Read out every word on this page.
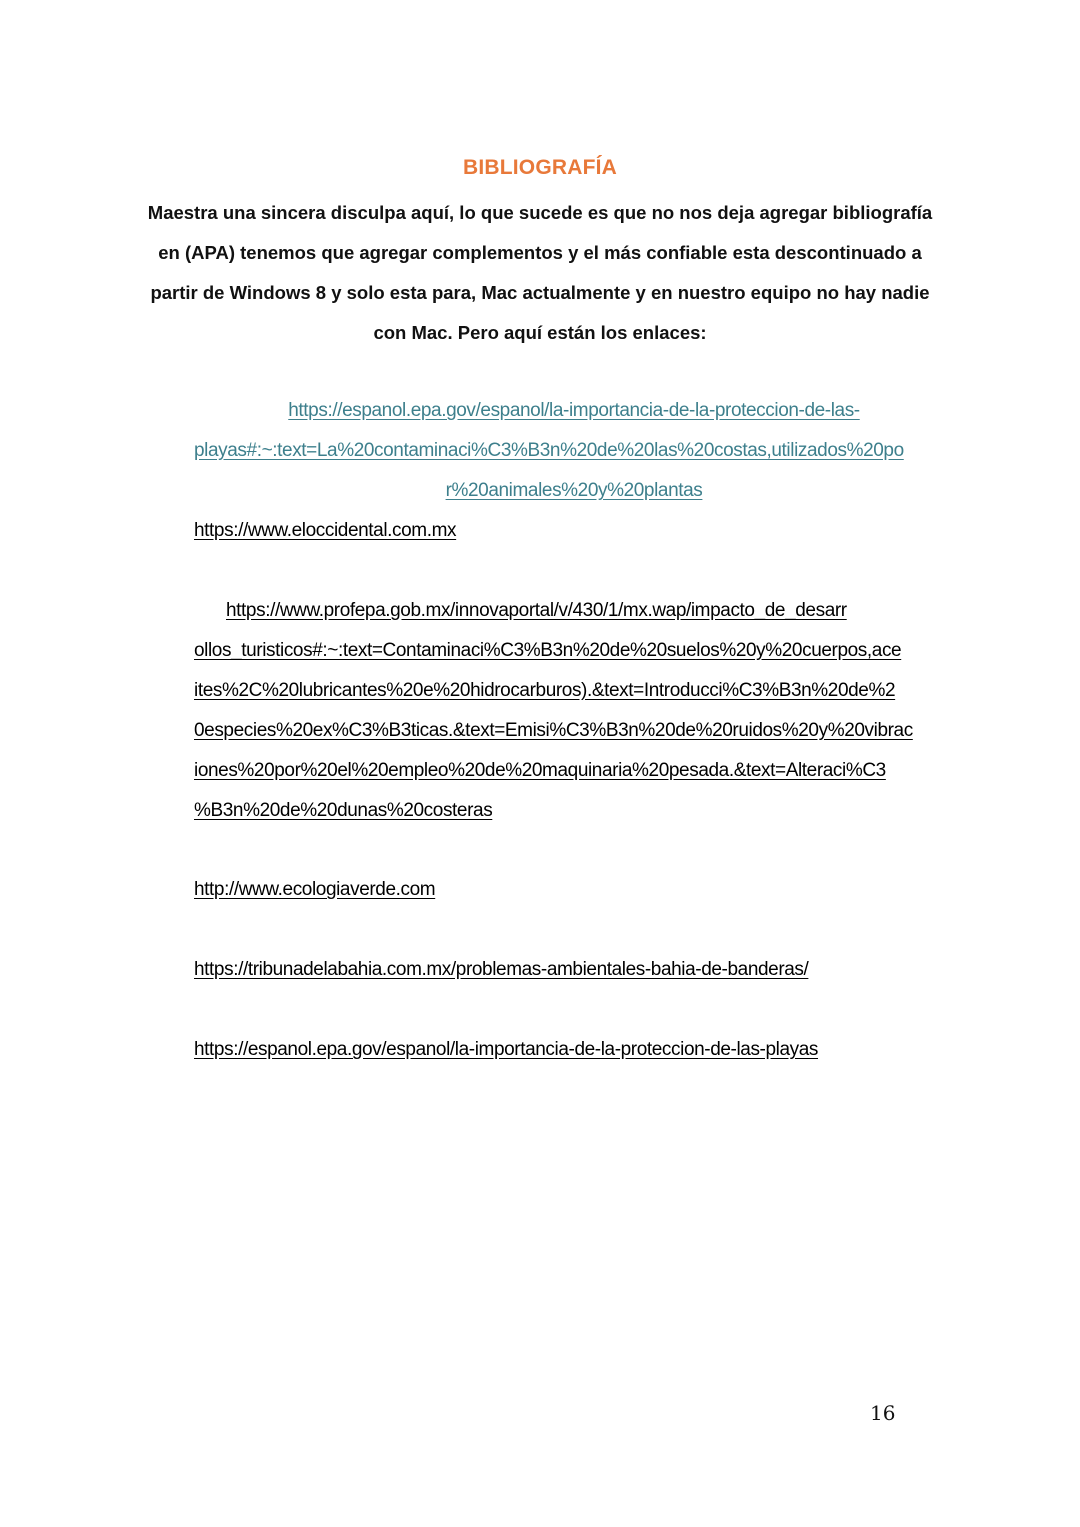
BIBLIOGRAFÍA
Maestra una sincera disculpa aquí, lo que sucede es que no nos deja agregar bibliografía
en (APA) tenemos que agregar complementos y el más confiable esta descontinuado a
partir de Windows 8 y solo esta para, Mac actualmente y en nuestro equipo no hay nadie
con Mac. Pero aquí están los enlaces:
https://espanol.epa.gov/espanol/la-importancia-de-la-proteccion-de-las-
playas#:~:text=La%20contaminaci%C3%B3n%20de%20las%20costas,utilizados%20po
r%20animales%20y%20plantas
https://www.eloccidental.com.mx
https://www.profepa.gob.mx/innovaportal/v/430/1/mx.wap/impacto_de_desarr
ollos_turisticos#:~:text=Contaminaci%C3%B3n%20de%20suelos%20y%20cuerpos,ace
ites%2C%20lubricantes%20e%20hidrocarburos).&text=Introducci%C3%B3n%20de%2
0especies%20ex%C3%B3ticas.&text=Emisi%C3%B3n%20de%20ruidos%20y%20vibrac
iones%20por%20el%20empleo%20de%20maquinaria%20pesada.&text=Alteraci%C3
%B3n%20de%20dunas%20costeras
http://www.ecologiaverde.com
https://tribunadelabahia.com.mx/problemas-ambientales-bahia-de-banderas/
https://espanol.epa.gov/espanol/la-importancia-de-la-proteccion-de-las-playas
16
